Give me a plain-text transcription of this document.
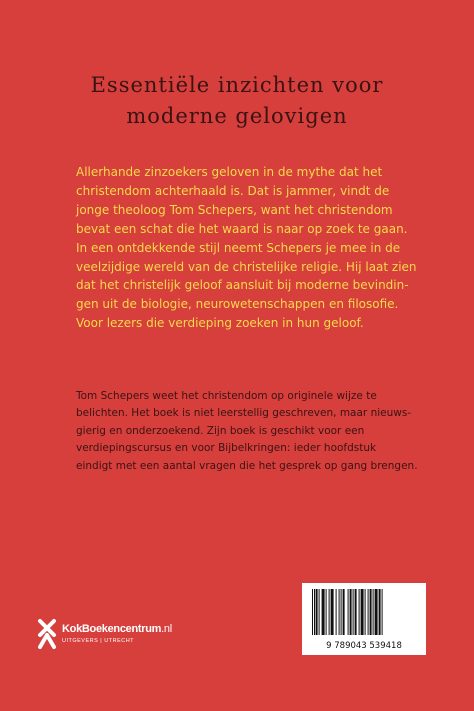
Essentiële inzichten voor
moderne gelovigen
Allerhande zinzoekers geloven in de mythe dat het
christendom achterhaald is. Dat is jammer, vindt de
jonge theoloog Tom Schepers, want het christendom
bevat een schat die het waard is naar op zoek te gaan.
In een ontdekkende stijl neemt Schepers je mee in de
veelzijdige wereld van de christelijke religie. Hij laat zien
dat het christelijk geloof aansluit bij moderne bevindin-
gen uit de biologie, neurowetenschappen en filosofie.
Voor lezers die verdieping zoeken in hun geloof.
Tom Schepers weet het christendom op originele wijze te
belichten. Het boek is niet leerstellig geschreven, maar nieuws-
gierig en onderzoekend. Zijn boek is geschikt voor een
verdiepingscursus en voor Bijbelkringen: ieder hoofdstuk
eindigt met een aantal vragen die het gesprek op gang brengen.
KokBoekencentrum.nl
UITGEVERS | UTRECHT	9 789043 539418
